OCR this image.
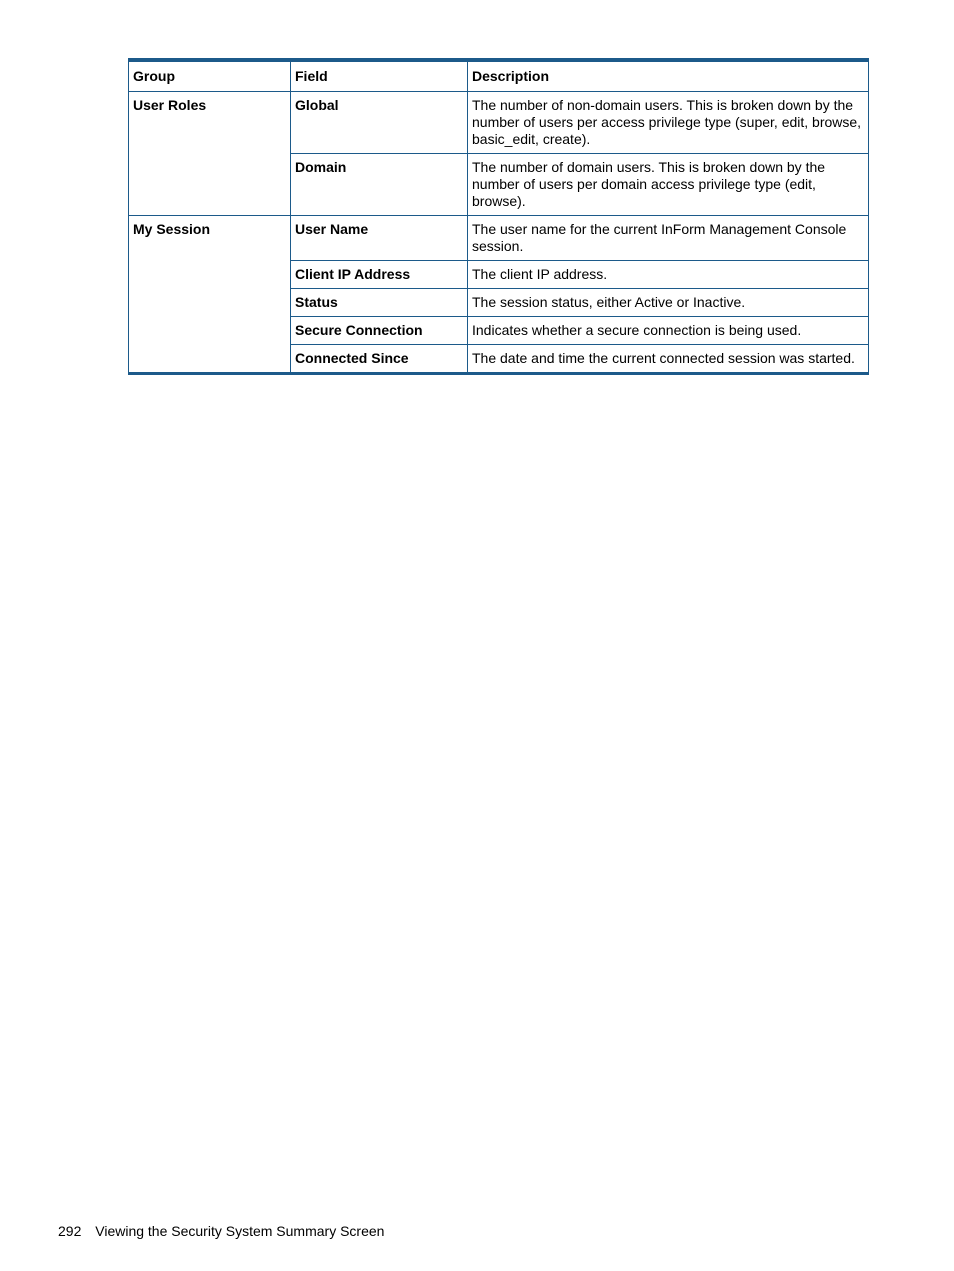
Group	Field	Description
User Roles	Global	The number of non-domain users. This is broken down by the number of users per access privilege type (super, edit, browse, basic_edit, create).
	Domain	The number of domain users. This is broken down by the number of users per domain access privilege type (edit, browse).
My Session	User Name	The user name for the current InForm Management Console session.
	Client IP Address	The client IP address.
	Status	The session status, either Active or Inactive.
	Secure Connection	Indicates whether a secure connection is being used.
	Connected Since	The date and time the current connected session was started.
292 Viewing the Security System Summary Screen
